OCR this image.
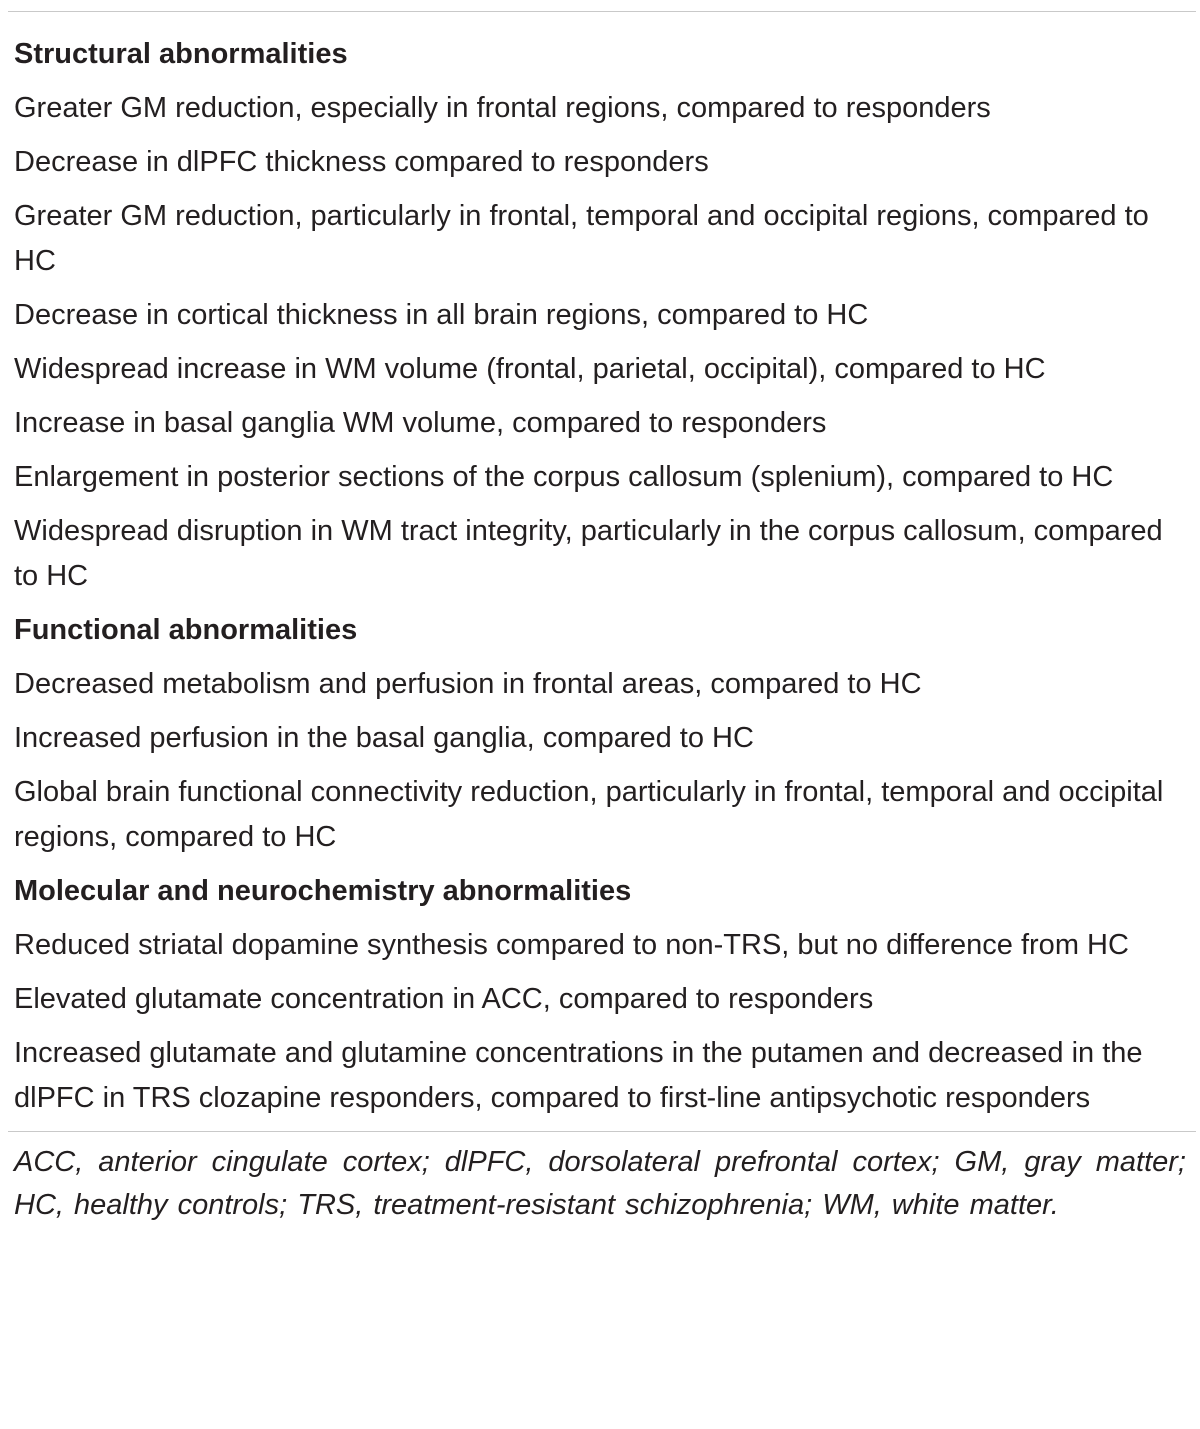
Structural abnormalities
Greater GM reduction, especially in frontal regions, compared to responders
Decrease in dlPFC thickness compared to responders
Greater GM reduction, particularly in frontal, temporal and occipital regions, compared to HC
Decrease in cortical thickness in all brain regions, compared to HC
Widespread increase in WM volume (frontal, parietal, occipital), compared to HC
Increase in basal ganglia WM volume, compared to responders
Enlargement in posterior sections of the corpus callosum (splenium), compared to HC
Widespread disruption in WM tract integrity, particularly in the corpus callosum, compared to HC
Functional abnormalities
Decreased metabolism and perfusion in frontal areas, compared to HC
Increased perfusion in the basal ganglia, compared to HC
Global brain functional connectivity reduction, particularly in frontal, temporal and occipital regions, compared to HC
Molecular and neurochemistry abnormalities
Reduced striatal dopamine synthesis compared to non-TRS, but no difference from HC
Elevated glutamate concentration in ACC, compared to responders
Increased glutamate and glutamine concentrations in the putamen and decreased in the dlPFC in TRS clozapine responders, compared to first-line antipsychotic responders
ACC, anterior cingulate cortex; dlPFC, dorsolateral prefrontal cortex; GM, gray matter; HC, healthy controls; TRS, treatment-resistant schizophrenia; WM, white matter.
